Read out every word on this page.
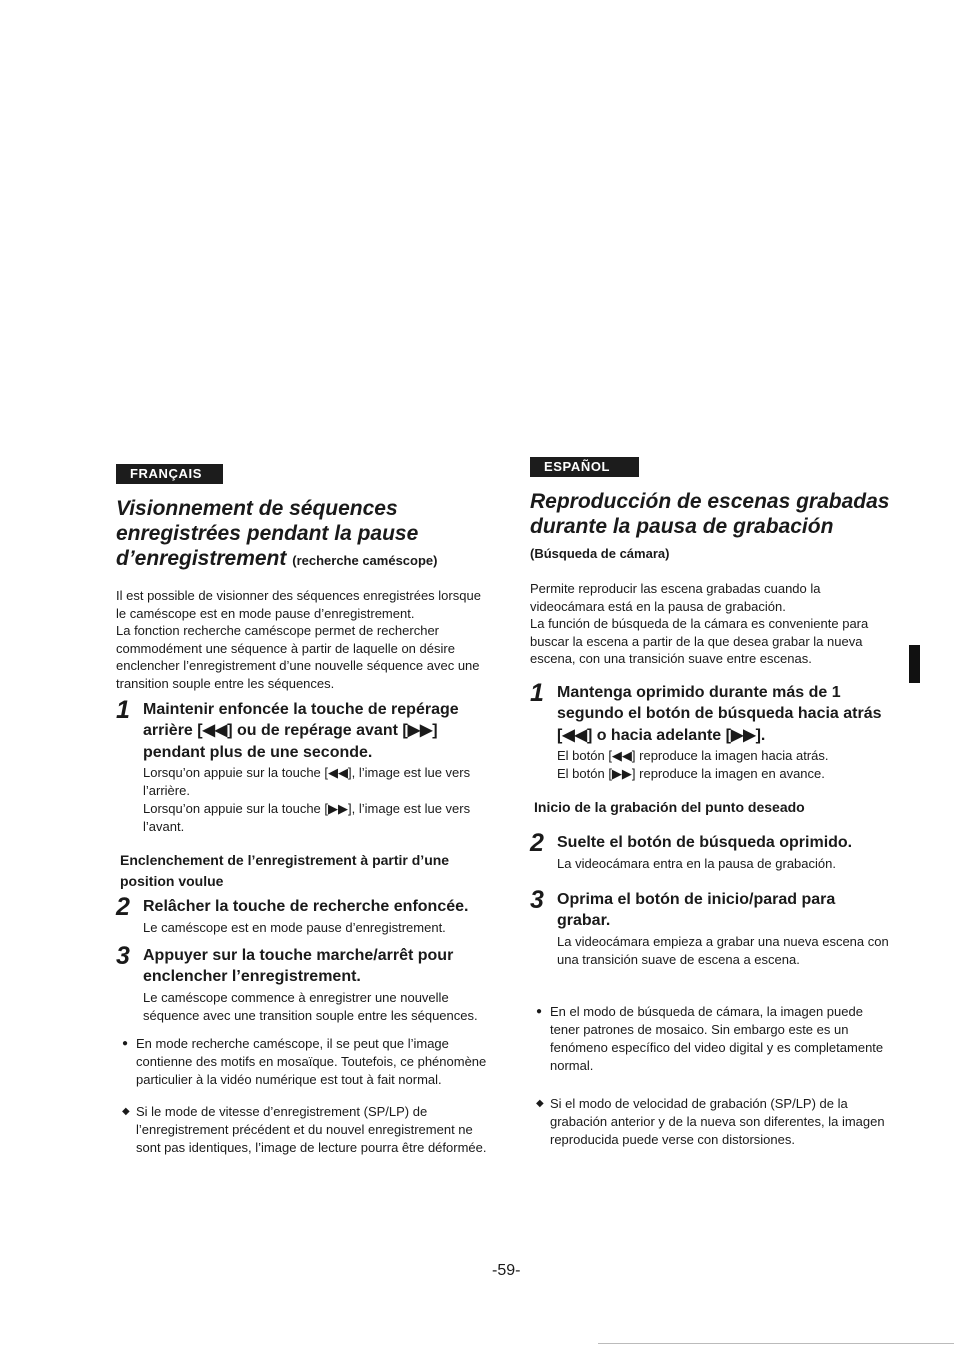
FRANÇAIS
Visionnement de séquences enregistrées pendant la pause d’enregistrement (recherche caméscope)

Il est possible de visionner des séquences enregistrées lorsque le caméscope est en mode pause d’enregistrement.

La fonction recherche caméscope permet de rechercher commodément une séquence à partir de laquelle on désire enclencher l’enregistrement d’une nouvelle séquence avec une transition souple entre les séquences.

1 Maintenir enfoncée la touche de repérage arrière [◀◀] ou de repérage avant [▶▶] pendant plus de une seconde.

Lorsqu’on appuie sur la touche [◀◀], l’image est lue vers l’arrière.

Lorsqu’on appuie sur la touche [▶▶], l’image est lue vers l’avant.

Enclenchement de l’enregistrement à partir d’une position voulue
2 Relâcher la touche de recherche enfoncée.
Le caméscope est en mode pause d’enregistrement.
3 Appuyer sur la touche marche/arrêt pour enclencher l’enregistrement.
Le caméscope commence à enregistrer une nouvelle séquence avec une transition souple entre les séquences.
● En mode recherche caméscope, il se peut que l’image contienne des motifs en mosaïque. Toutefois, ce phénomène particulier à la vidéo numérique est tout à fait normal.
◆ Si le mode de vitesse d’enregistrement (SP/LP) de l’enregistrement précédent et du nouvel enregistrement ne sont pas identiques, l’image de lecture pourra être déformée.
ESPAÑOL
Reproducción de escenas grabadas durante la pausa de grabación (Búsqueda de cámara)

Permite reproducir las escena grabadas cuando la videocámara está en la pausa de grabación.

La función de búsqueda de la cámara es conveniente para buscar la escena a partir de la que desea grabar la nueva escena, con una transición suave entre escenas.

1 Mantenga oprimido durante más de 1 segundo el botón de búsqueda hacia atrás [◀◀] o hacia adelante [▶▶].

El botón [◀◀] reproduce la imagen hacia atrás.

El botón [▶▶] reproduce la imagen en avance.

Inicio de la grabación del punto deseado
2 Suelte el botón de búsqueda oprimido.
La videocámara entra en la pausa de grabación.
3 Oprima el botón de inicio/parad para grabar.
La videocámara empieza a grabar una nueva escena con una transición suave de escena a escena.
● En el modo de búsqueda de cámara, la imagen puede tener patrones de mosaico. Sin embargo este es un fenómeno específico del video digital y es completamente normal.
◆ Si el modo de velocidad de grabación (SP/LP) de la grabación anterior y de la nueva son diferentes, la imagen reproducida puede verse con distorsiones.
-59-
